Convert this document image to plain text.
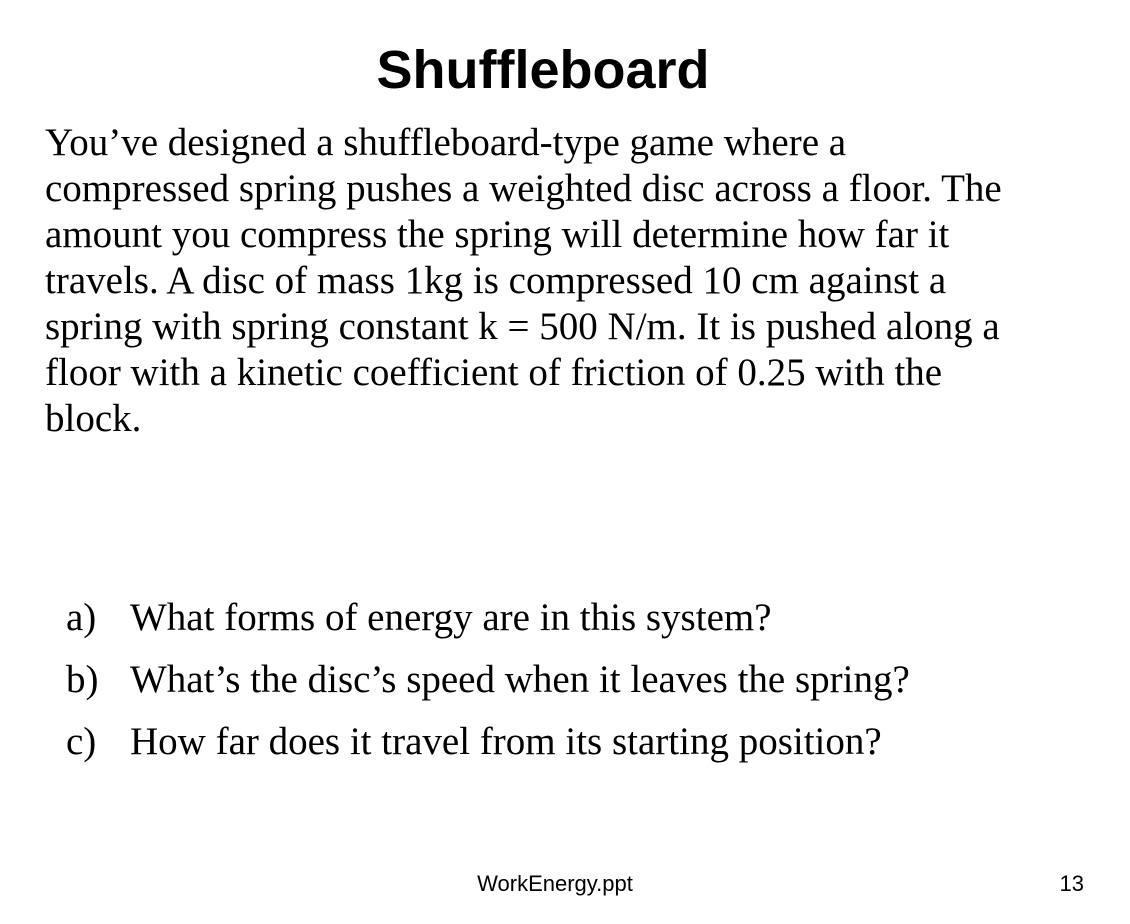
Shuffleboard
You’ve designed a shuffleboard-type game where a
compressed spring pushes a weighted disc across a floor. The
amount you compress the spring will determine how far it
travels. A disc of mass 1kg is compressed 10 cm against a
spring with spring constant k = 500 N/m. It is pushed along a
floor with a kinetic coefficient of friction of 0.25 with the
block.
a) What forms of energy are in this system?
b) What’s the disc’s speed when it leaves the spring?
c) How far does it travel from its starting position?
WorkEnergy.ppt	13
